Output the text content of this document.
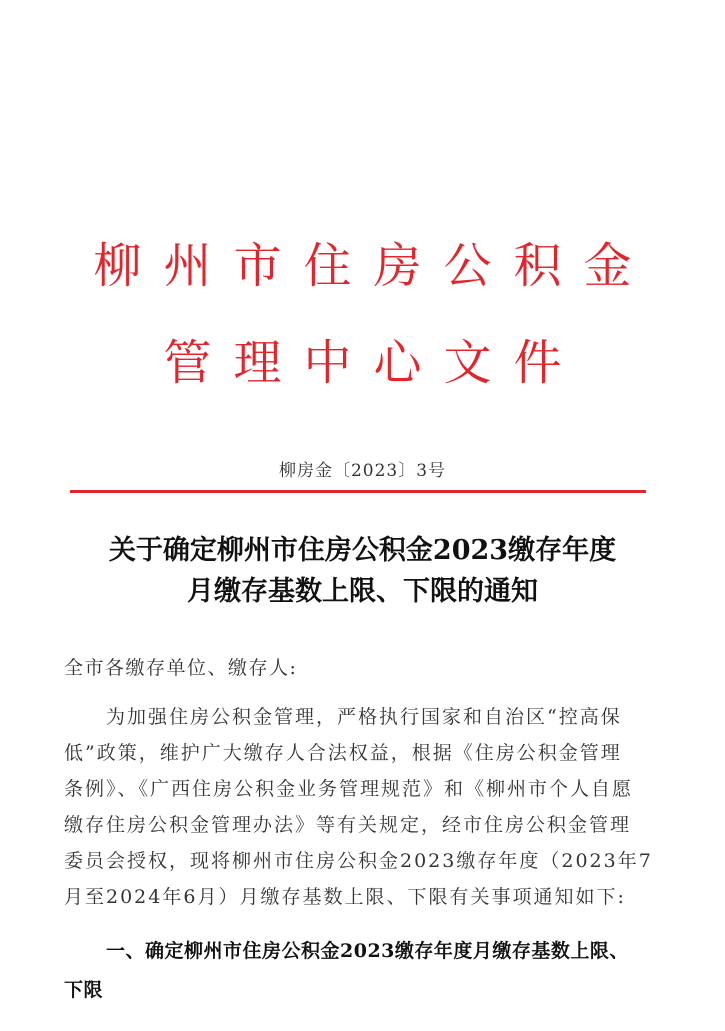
柳州市住房公积金
管理中心文件
柳房金〔2023〕3号
关于确定柳州市住房公积金2023缴存年度
月缴存基数上限、下限的通知
全市各缴存单位、缴存人:
为加强住房公积金管理，严格执行国家和自治区“控高保
低”政策，维护广大缴存人合法权益，根据《住房公积金管理
条例》、《广西住房公积金业务管理规范》和《柳州市个人自愿
缴存住房公积金管理办法》等有关规定，经市住房公积金管理
委员会授权，现将柳州市住房公积金2023缴存年度（2023年7
月至2024年6月）月缴存基数上限、下限有关事项通知如下:
一、确定柳州市住房公积金2023缴存年度月缴存基数上限、
下限
